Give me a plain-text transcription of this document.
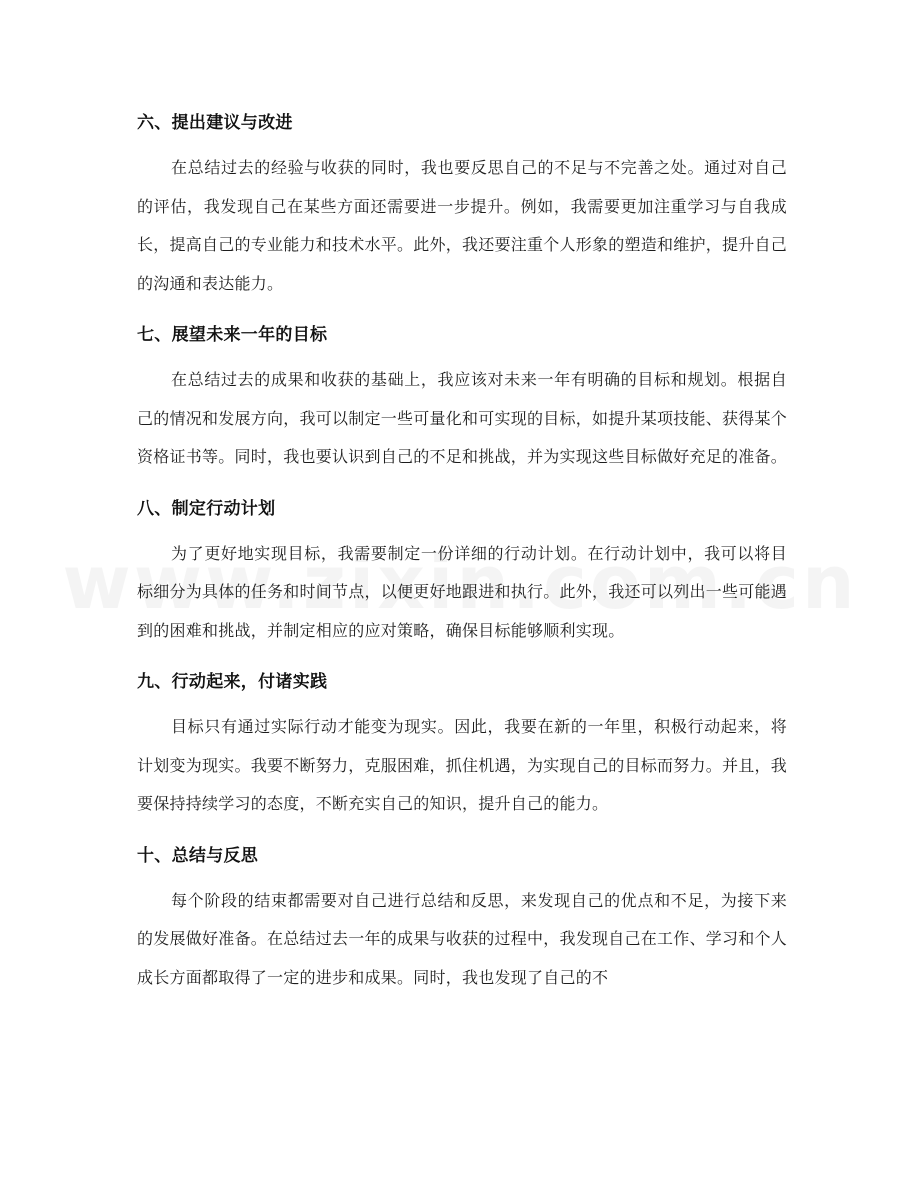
六、提出建议与改进

在总结过去的经验与收获的同时，我也要反思自己的不足与不完善之处。通过对自己的评估，我发现自己在某些方面还需要进一步提升。例如，我需要更加注重学习与自我成长，提高自己的专业能力和技术水平。此外，我还要注重个人形象的塑造和维护，提升自己的沟通和表达能力。

七、展望未来一年的目标

在总结过去的成果和收获的基础上，我应该对未来一年有明确的目标和规划。根据自己的情况和发展方向，我可以制定一些可量化和可实现的目标，如提升某项技能、获得某个资格证书等。同时，我也要认识到自己的不足和挑战，并为实现这些目标做好充足的准备。

八、制定行动计划

为了更好地实现目标，我需要制定一份详细的行动计划。在行动计划中，我可以将目标细分为具体的任务和时间节点，以便更好地跟进和执行。此外，我还可以列出一些可能遇到的困难和挑战，并制定相应的应对策略，确保目标能够顺利实现。

九、行动起来，付诸实践

目标只有通过实际行动才能变为现实。因此，我要在新的一年里，积极行动起来，将计划变为现实。我要不断努力，克服困难，抓住机遇，为实现自己的目标而努力。并且，我要保持持续学习的态度，不断充实自己的知识，提升自己的能力。

十、总结与反思

每个阶段的结束都需要对自己进行总结和反思，来发现自己的优点和不足，为接下来的发展做好准备。在总结过去一年的成果与收获的过程中，我发现自己在工作、学习和个人成长方面都取得了一定的进步和成果。同时，我也发现了自己的不
